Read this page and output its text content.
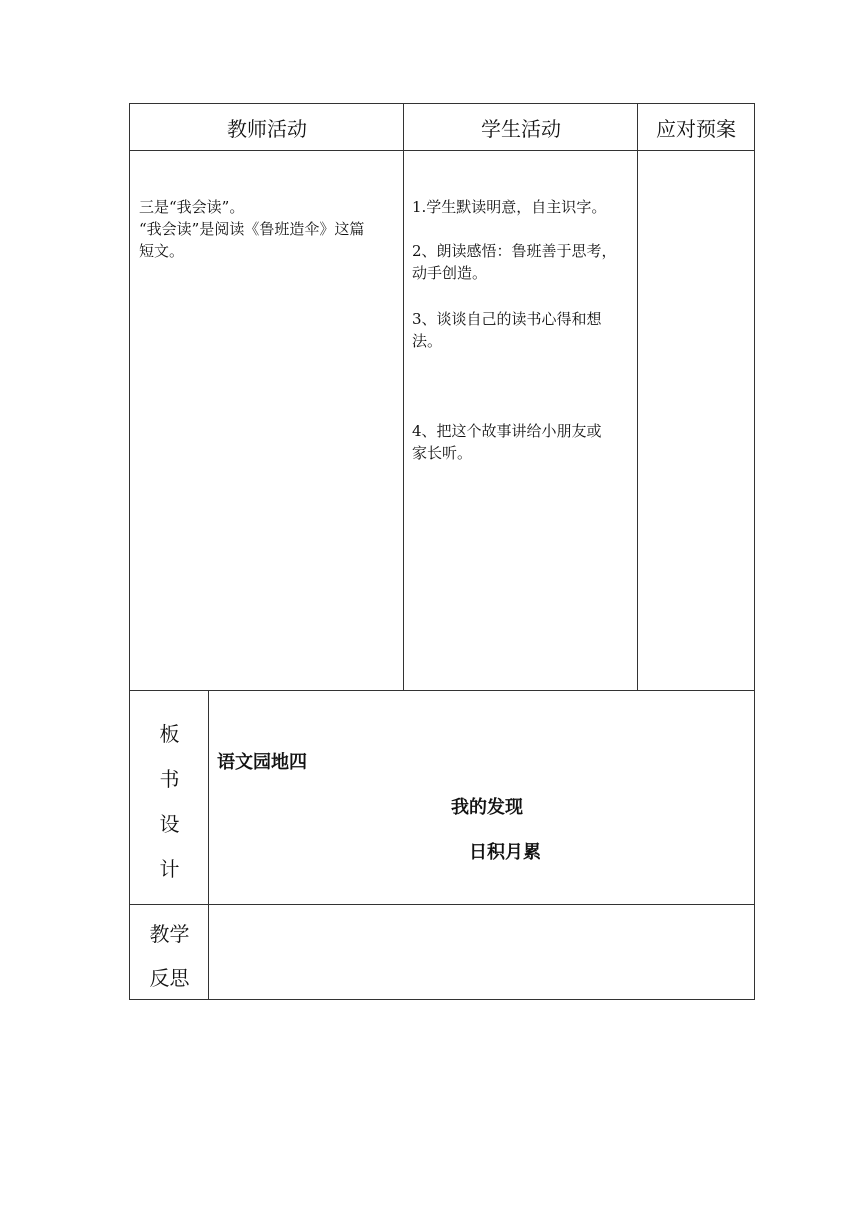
教师活动	学生活动	应对预案

三是“我会读”。

“我会读”是阅读《鲁班造伞》这篇

短文。

1.学生默读明意，自主识字。

2、朗读感悟：鲁班善于思考，

动手创造。

3、谈谈自己的读书心得和想

法。

4、把这个故事讲给小朋友或

家长听。

板
书
设
计
语文园地四
我的发现
日积月累
教学
反思
